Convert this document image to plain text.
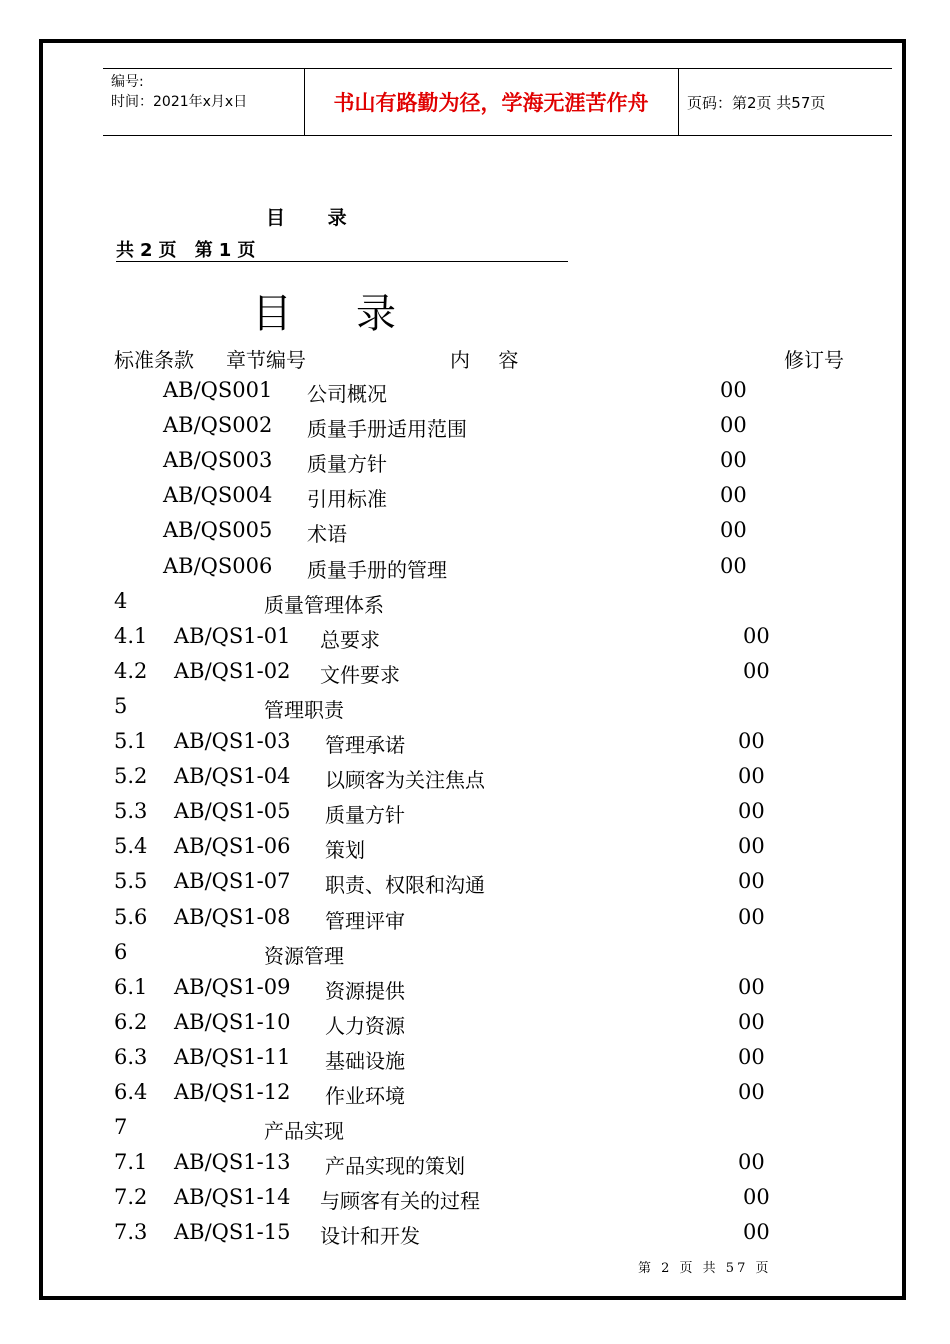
编号:
时间：2021年x月x日	书山有路勤为径，学海无涯苦作舟	页码：第2页 共57页
目 录
共2页 第1页
目录
标准条款 章节编号	内 容	修订号
AB/QS001 公司概况	00
AB/QS002 质量手册适用范围	00
AB/QS003 质量方针	00
AB/QS004 引用标准	00
AB/QS005 术语	00
AB/QS006 质量手册的管理	00
4	质量管理体系
4.1 AB/QS1-01 总要求	00
4.2 AB/QS1-02 文件要求	00
5	管理职责
5.1 AB/QS1-03 管理承诺	00
5.2 AB/QS1-04 以顾客为关注焦点	00
5.3 AB/QS1-05 质量方针	00
5.4 AB/QS1-06 策划	00
5.5 AB/QS1-07 职责、权限和沟通	00
5.6 AB/QS1-08 管理评审	00
6	资源管理
6.1 AB/QS1-09 资源提供	00
6.2 AB/QS1-10 人力资源	00
6.3 AB/QS1-11 基础设施	00
6.4 AB/QS1-12 作业环境	00
7	产品实现
7.1 AB/QS1-13 产品实现的策划	00
7.2 AB/QS1-14 与顾客有关的过程	00
7.3 AB/QS1-15 设计和开发	00
第 2 页 共 57 页
